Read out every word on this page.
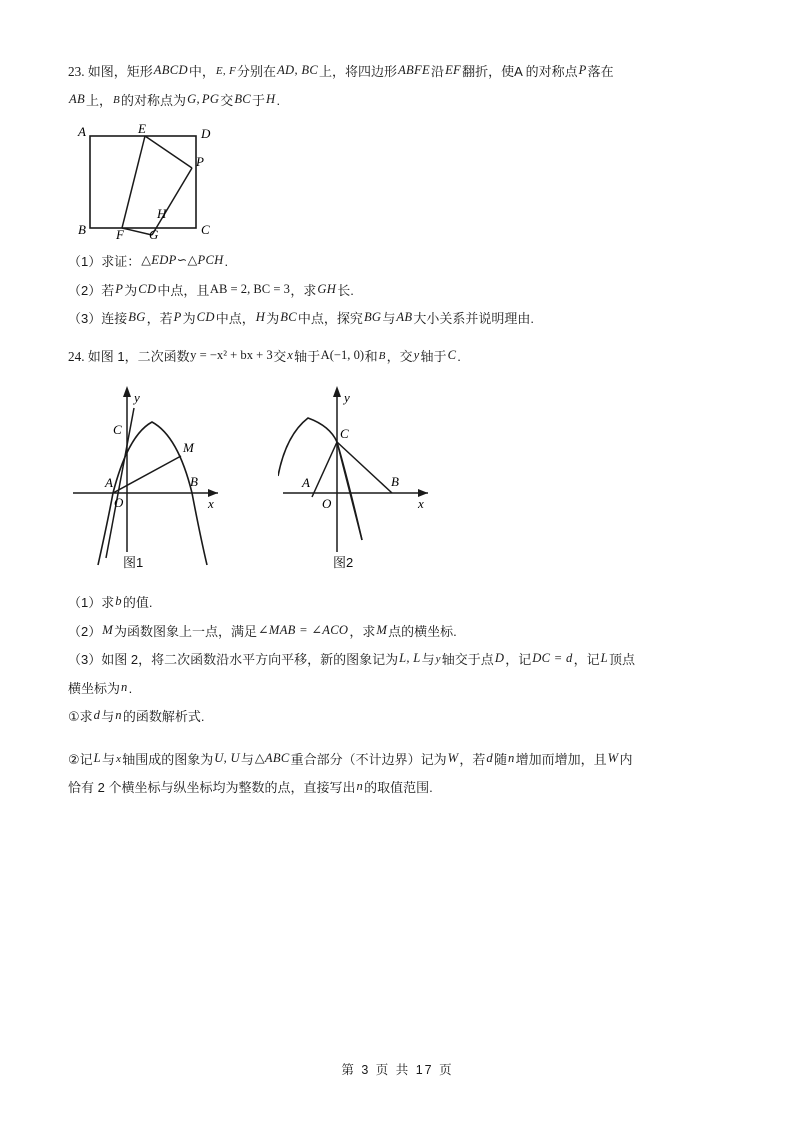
23. 如图，矩形ABCD中，E, F分别在AD, BC上，将四边形ABFE沿EF翻折，使A 的对称点P落在
AB上，B的对称点为G, PG交BC于H.
A
B	C
D
E
F G
H
P
（1）求证：△EDP∽△PCH.
（2）若P为CD中点，且AB = 2, BC = 3，求GH长.
（3）连接BG，若P为CD中点，H为BC中点，探究BG与AB大小关系并说明理由.
24. 如图 1，二次函数y = −x² + bx + 3交x轴于A(−1, 0)和B，交y轴于C.
A	B
C
M
O	x
y
图1
A	B
C
O	x
y
图2
（1）求b的值.
（2）M为函数图象上一点，满足∠MAB = ∠ACO，求M点的横坐标.
（3）如图 2，将二次函数沿水平方向平移，新的图象记为L, L与y轴交于点D，记DC = d，记L顶点
横坐标为n.
①求d与n的函数解析式.
②记L与x轴围成的图象为U, U与△ABC重合部分（不计边界）记为W，若d随n增加而增加，且W内
恰有 2 个横坐标与纵坐标均为整数的点，直接写出n的取值范围.
第 3 页 共 17 页
